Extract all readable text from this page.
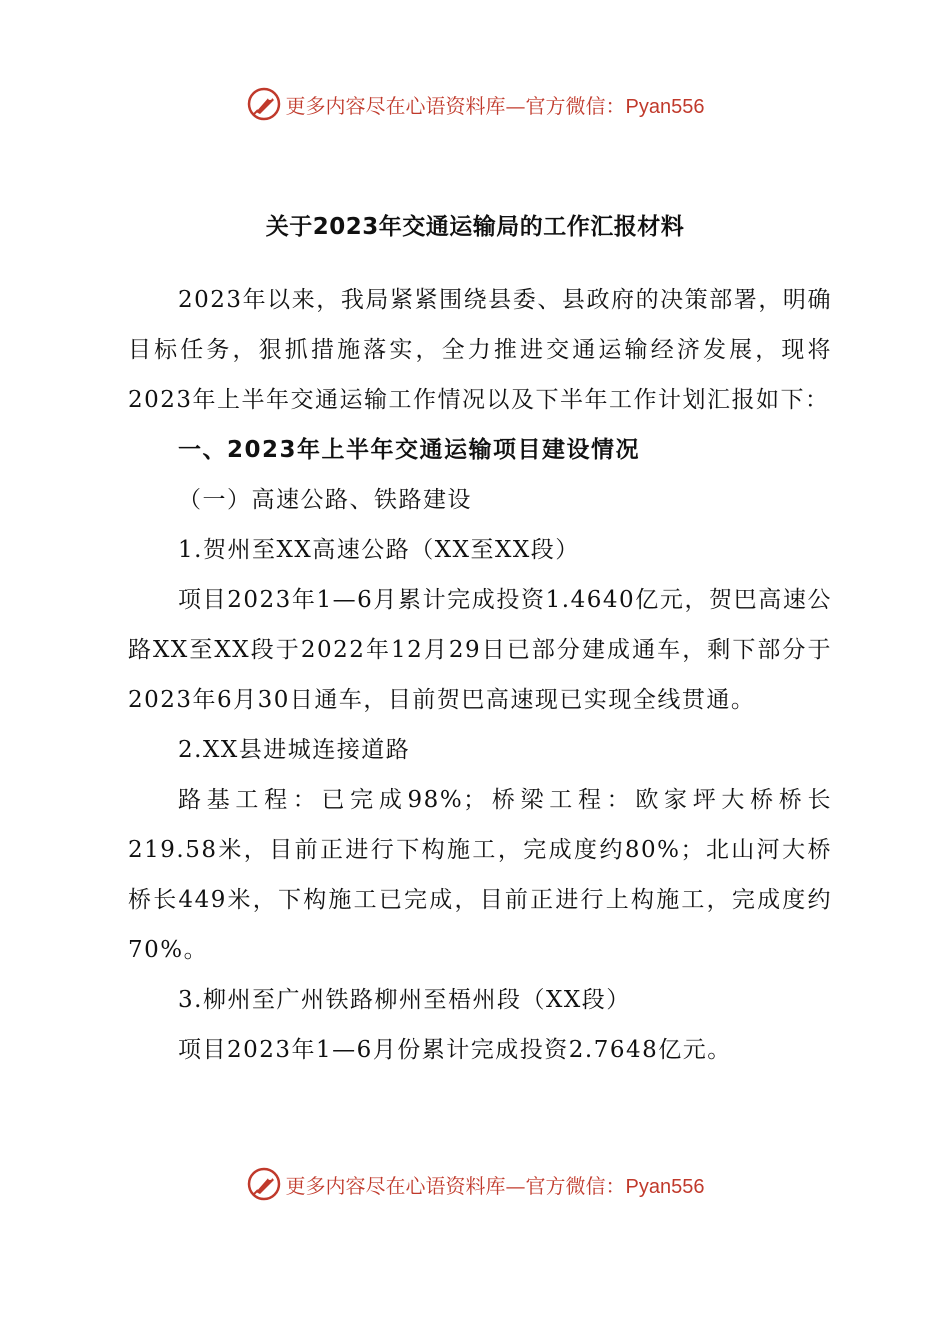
更多内容尽在心语资料库—官方微信：Pyan556
关于2023年交通运输局的工作汇报材料

2023年以来，我局紧紧围绕县委、县政府的决策部署，明确目标任务，狠抓措施落实，全力推进交通运输经济发展，现将2023年上半年交通运输工作情况以及下半年工作计划汇报如下：

一、2023年上半年交通运输项目建设情况

（一）高速公路、铁路建设

1.贺州至XX高速公路（XX至XX段）

项目2023年1—6月累计完成投资1.4640亿元，贺巴高速公路XX至XX段于2022年12月29日已部分建成通车，剩下部分于2023年6月30日通车，目前贺巴高速现已实现全线贯通。

2.XX县进城连接道路

路基工程：已完成98%；桥梁工程：欧家坪大桥桥长219.58米，目前正进行下构施工，完成度约80%；北山河大桥桥长449米，下构施工已完成，目前正进行上构施工，完成度约70%。

3.柳州至广州铁路柳州至梧州段（XX段）

项目2023年1—6月份累计完成投资2.7648亿元。

更多内容尽在心语资料库—官方微信：Pyan556
